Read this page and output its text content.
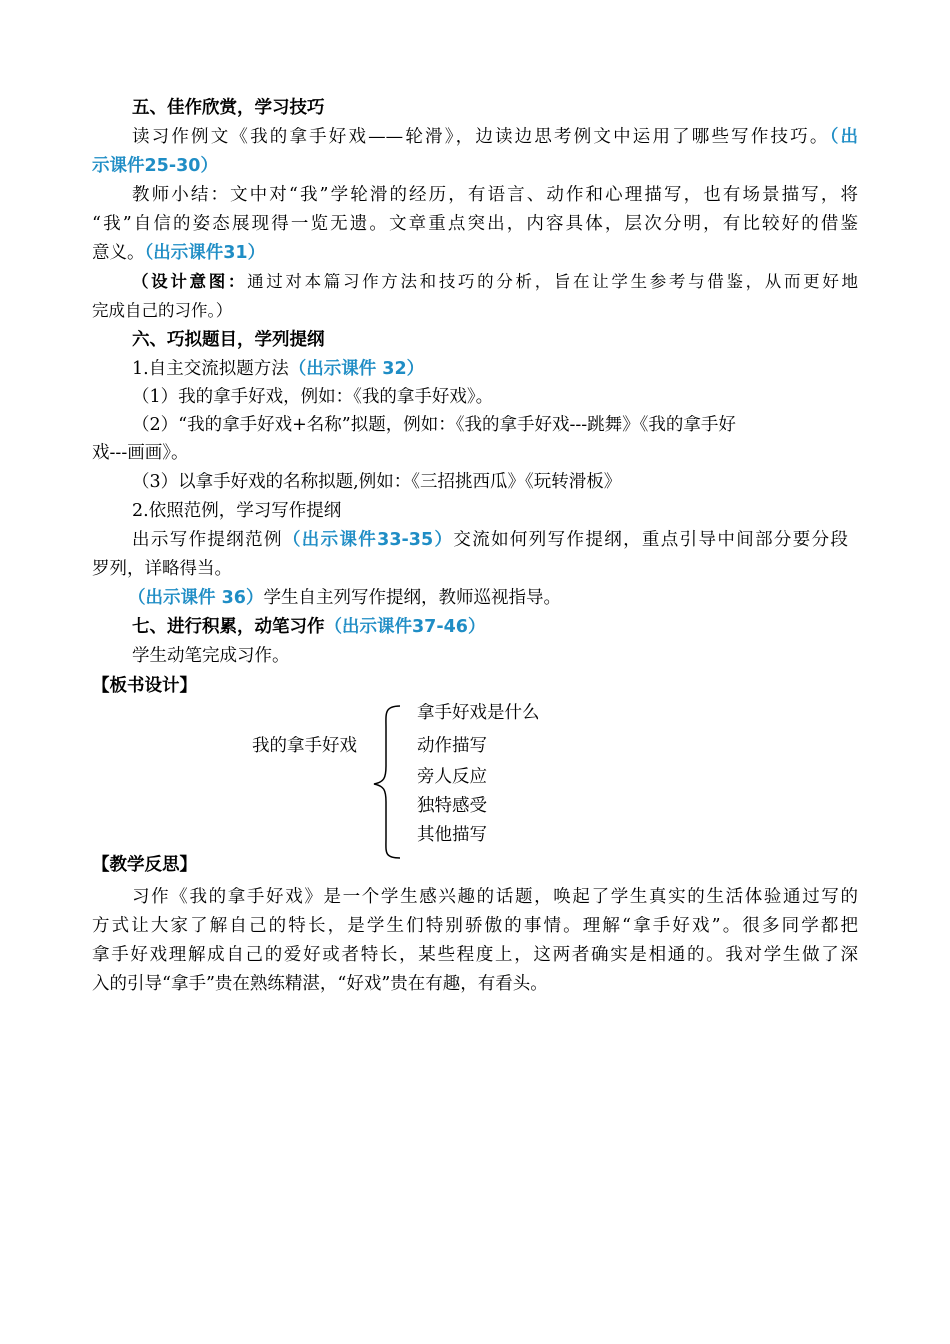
五、佳作欣赏，学习技巧
读习作例文《我的拿手好戏——轮滑》，边读边思考例文中运用了哪些写作技巧。（出
示课件25-30）
教师小结：文中对“我”学轮滑的经历，有语言、动作和心理描写，也有场景描写，将
“我”自信的姿态展现得一览无遗。文章重点突出，内容具体，层次分明，有比较好的借鉴
意义。（出示课件31）
（设计意图：通过对本篇习作方法和技巧的分析，旨在让学生参考与借鉴，从而更好地
完成自己的习作。）
六、巧拟题目，学列提纲
1.自主交流拟题方法（出示课件 32）
（1）我的拿手好戏，例如：《我的拿手好戏》。
（2）“我的拿手好戏+名称”拟题，例如：《我的拿手好戏---跳舞》《我的拿手好
戏---画画》。
（3）以拿手好戏的名称拟题,例如：《三招挑西瓜》《玩转滑板》
2.依照范例，学习写作提纲
出示写作提纲范例（出示课件33-35）交流如何列写作提纲，重点引导中间部分要分段
罗列，详略得当。
（出示课件 36）学生自主列写作提纲，教师巡视指导。
七、进行积累，动笔习作（出示课件37-46）
学生动笔完成习作。
【板书设计】
我的拿手好戏
拿手好戏是什么
动作描写
旁人反应
独特感受
其他描写
【教学反思】
习作《我的拿手好戏》是一个学生感兴趣的话题，唤起了学生真实的生活体验通过写的
方式让大家了解自己的特长，是学生们特别骄傲的事情。理解“拿手好戏”。很多同学都把
拿手好戏理解成自己的爱好或者特长，某些程度上，这两者确实是相通的。我对学生做了深
入的引导“拿手”贵在熟练精湛，“好戏”贵在有趣，有看头。
